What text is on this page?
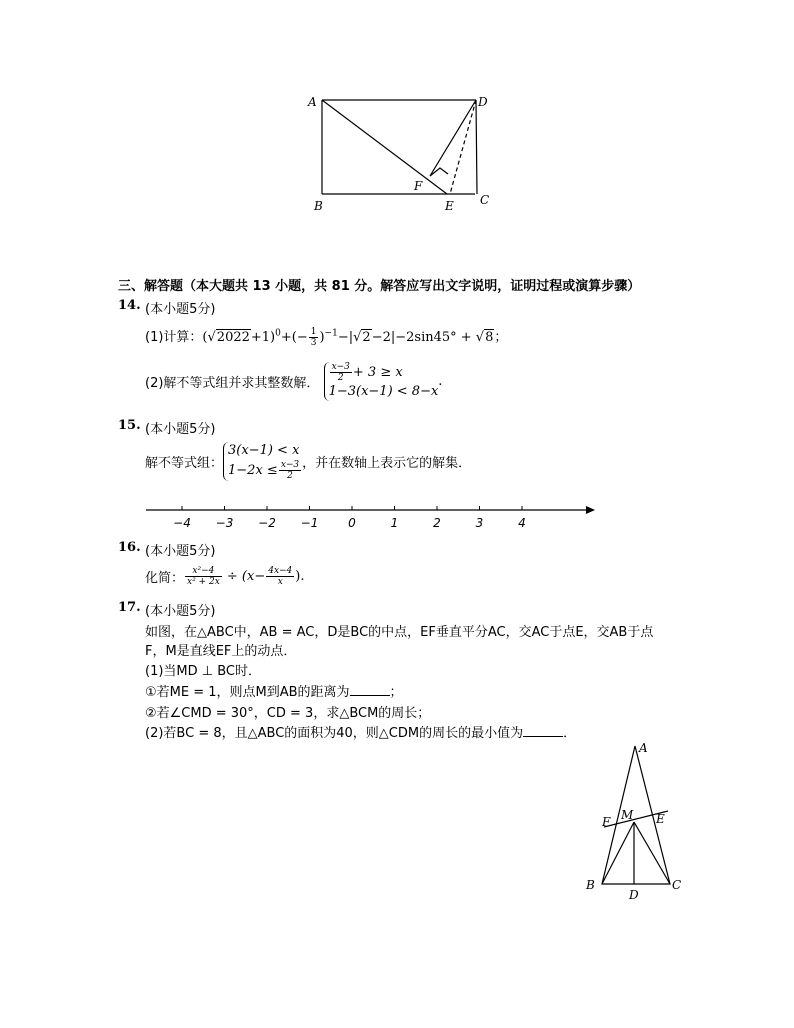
A	D
B	E C
F
三、解答题（本大题共 13 小题，共 81 分。解答应写出文字说明，证明过程或演算步骤）
14. (本小题5分)
(1)计算：$(√2022+1)^0+(- \frac{1}{3} )^{-1}-|√2-2|-2\sin 45^\circ + √8$；
(2)解不等式组并求其整数解．
$\frac{x-3}{2} + 3 \ge x$
1−3(x−1) < 8−x
.
15. (本小题5分)
解不等式组：
3(x−1) < x
$1-2x \le \frac{x-3}{2}$ ，并在数轴上表示它的解集．
−4 −3 −2 −1 0	1	2	3	4
16. (本小题5分)
化简： $\frac{\text{x²−4}}{\text{x² + 2x}} \div (x- \frac{4x-4}{x}$ ).
17. (本小题5分)
如图，在△ABC中，AB = AC，D是BC的中点，EF垂直平分AC，交AC于点E，交AB于点
F，M是直线EF上的动点．
(1)当MD ⊥ BC时．
①若ME = 1，则点M到AB的距离为	；
②若∠CMD = 30°，CD = 3，求△BCM的周长；
(2)若BC = 8，且△ABC的面积为40，则△CDM的周长的最小值为	．
A
F M E
B
D
C
